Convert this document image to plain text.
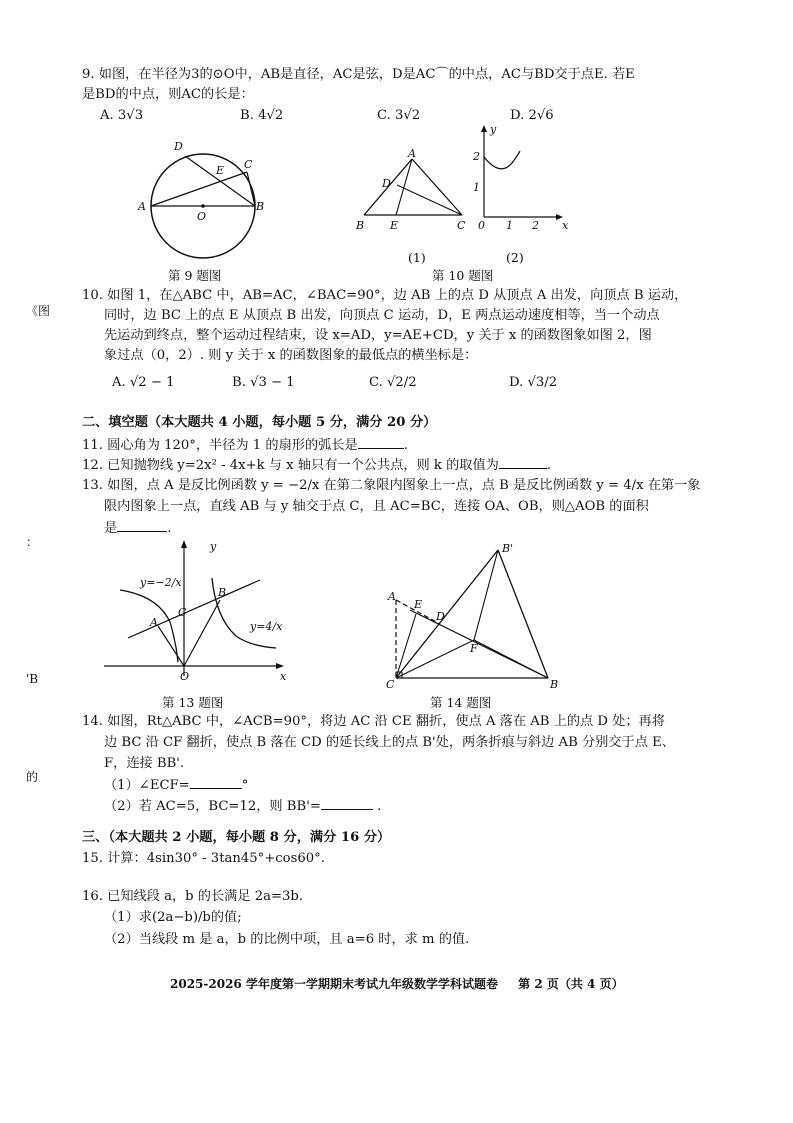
《图
：
'B
的
9. 如图，在半径为3的⊙O中，AB是直径，AC是弦，D是AC⌒的中点，AC与BD交于点E. 若E
是BD的中点，则AC的长是：
A. 3√3	B. 4√2	C. 3√2	D. 2√6
D
C
E
A
O
B
第 9 题图
A
D
B E	C
(1)
y
2
1
0 1 2 x
(2)
第 10 题图
10. 如图 1，在△ABC 中，AB=AC，∠BAC=90°，边 AB 上的点 D 从顶点 A 出发，向顶点 B 运动，
同时，边 BC 上的点 E 从顶点 B 出发，向顶点 C 运动，D，E 两点运动速度相等，当一个动点
先运动到终点，整个运动过程结束，设 x=AD，y=AE+CD，y 关于 x 的函数图象如图 2，图
象过点（0，2）. 则 y 关于 x 的函数图象的最低点的横坐标是：
A. √2 − 1	B. √3 − 1	C. √2/2	D. √3/2
二、填空题（本大题共 4 小题，每小题 5 分，满分 20 分）
11. 圆心角为 120°，半径为 1 的扇形的弧长是	.
12. 已知抛物线 y=2x² - 4x+k 与 x 轴只有一个公共点，则 k 的取值为	.
13. 如图，点 A 是反比例函数 y = −2/x 在第二象限内图象上一点，点 B 是反比例函数 y = 4/x 在第一象
限内图象上一点，直线 AB 与 y 轴交于点 C，且 AC=BC，连接 OA、OB，则△AOB 的面积
是	.
y
y=−2/x
y=4/x
A
B
C
O	x
第 13 题图
B'
A
E
D
F
C	B
第 14 题图
14. 如图，Rt△ABC 中，∠ACB=90°，将边 AC 沿 CE 翻折，使点 A 落在 AB 上的点 D 处；再将
边 BC 沿 CF 翻折，使点 B 落在 CD 的延长线上的点 B'处，两条折痕与斜边 AB 分别交于点 E、
F，连接 BB'.
（1）∠ECF=	°
（2）若 AC=5，BC=12，则 BB'=	.
三、（本大题共 2 小题，每小题 8 分，满分 16 分）
15. 计算：4sin30° - 3tan45°+cos60°.
16. 已知线段 a，b 的长满足 2a=3b.
（1）求(2a−b)/b的值;
（2）当线段 m 是 a，b 的比例中项，且 a=6 时，求 m 的值.
2025-2026 学年度第一学期期末考试九年级数学学科试题卷 第 2 页（共 4 页）
